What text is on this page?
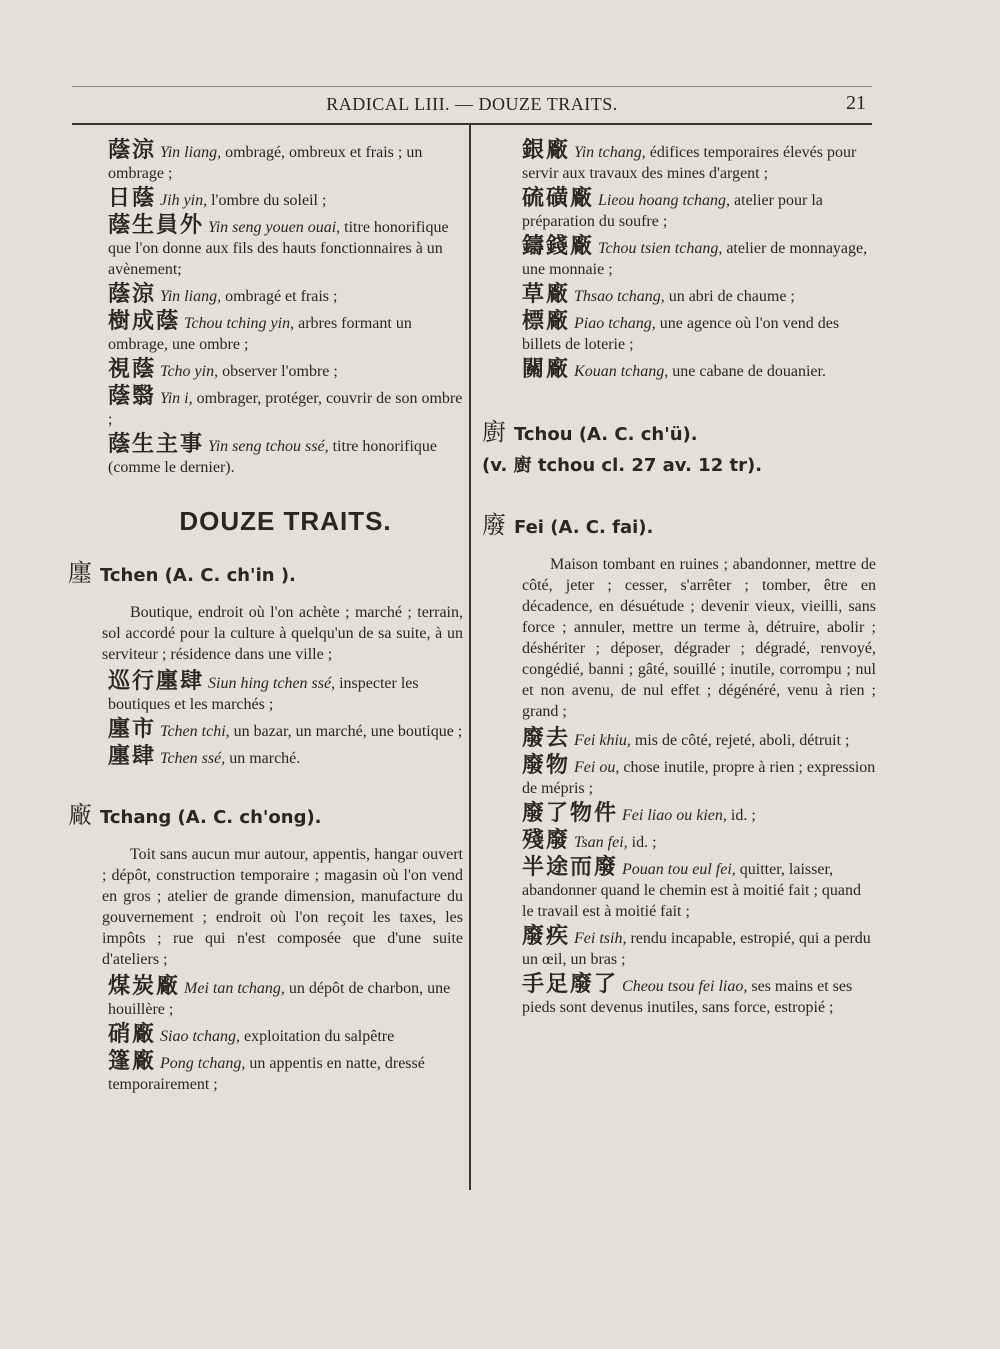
RADICAL LIII. — DOUZE TRAITS.	21
蔭涼 Yin liang, ombragé, ombreux et frais ; un ombrage ;
日蔭 Jih yin, l'ombre du soleil ;
蔭生員外 Yin seng youen ouai, titre honorifique que l'on donne aux fils des hauts fonctionnaires à un avènement;
蔭涼 Yin liang, ombragé et frais ;
樹成蔭 Tchou tching yin, arbres formant un ombrage, une ombre ;
視蔭 Tcho yin, observer l'ombre ;
蔭翳 Yin i, ombrager, protéger, couvrir de son ombre ;
蔭生主事 Yin seng tchou ssé, titre honorifique (comme le dernier).
DOUZE TRAITS.
廛 Tchen (A. C. ch'in ).

Boutique, endroit où l'on achète ; marché ; terrain, sol accordé pour la culture à quelqu'un de sa suite, à un serviteur ; résidence dans une ville ;

巡行廛肆 Siun hing tchen ssé, inspecter les boutiques et les marchés ;
廛市 Tchen tchi, un bazar, un marché, une boutique ;
廛肆 Tchen ssé, un marché.
廠 Tchang (A. C. ch'ong).

Toit sans aucun mur autour, appentis, hangar ouvert ; dépôt, construction temporaire ; magasin où l'on vend en gros ; atelier de grande dimension, manufacture du gouvernement ; endroit où l'on reçoit les taxes, les impôts ; rue qui n'est composée que d'une suite d'ateliers ;

煤炭廠 Mei tan tchang, un dépôt de charbon, une houillère ;
硝廠 Siao tchang, exploitation du salpêtre
篷廠 Pong tchang, un appentis en natte, dressé temporairement ;
銀廠 Yin tchang, édifices temporaires élevés pour servir aux travaux des mines d'argent ;
硫磺廠 Lieou hoang tchang, atelier pour la préparation du soufre ;
鑄錢廠 Tchou tsien tchang, atelier de monnayage, une monnaie ;
草廠 Thsao tchang, un abri de chaume ;
標廠 Piao tchang, une agence où l'on vend des billets de loterie ;
關廠 Kouan tchang, une cabane de douanier.
廚 Tchou (A. C. ch'ü).
(v. 廚 tchou cl. 27 av. 12 tr).
廢 Fei (A. C. fai).

Maison tombant en ruines ; abandonner, mettre de côté, jeter ; cesser, s'arrêter ; tomber, être en décadence, en désuétude ; devenir vieux, vieilli, sans force ; annuler, mettre un terme à, détruire, abolir ; déshériter ; déposer, dégrader ; dégradé, renvoyé, congédié, banni ; gâté, souillé ; inutile, corrompu ; nul et non avenu, de nul effet ; dégénéré, venu à rien ; grand ;

廢去 Fei khiu, mis de côté, rejeté, aboli, détruit ;
廢物 Fei ou, chose inutile, propre à rien ; expression de mépris ;
廢了物件 Fei liao ou kien, id. ;
殘廢 Tsan fei, id. ;
半途而廢 Pouan tou eul fei, quitter, laisser, abandonner quand le chemin est à moitié fait ; quand le travail est à moitié fait ;
廢疾 Fei tsih, rendu incapable, estropié, qui a perdu un œil, un bras ;
手足廢了 Cheou tsou fei liao, ses mains et ses pieds sont devenus inutiles, sans force, estropié ;
